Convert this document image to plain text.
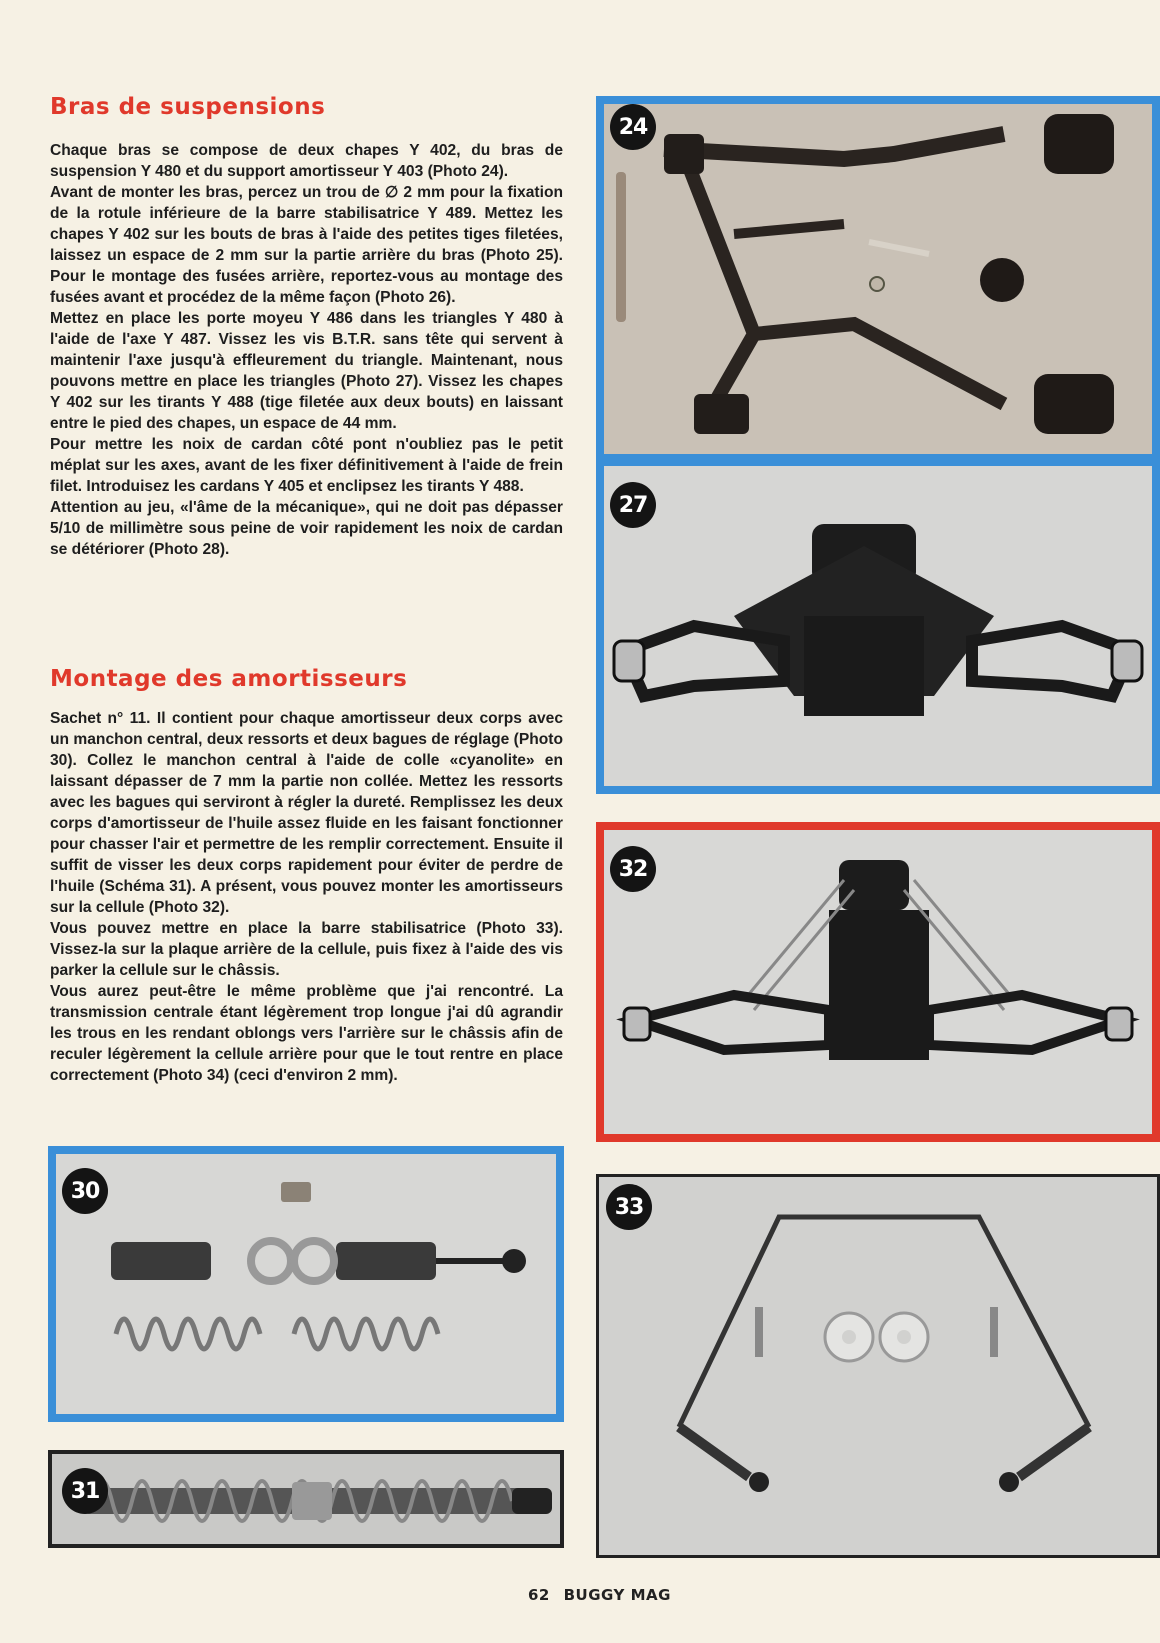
Bras de suspensions

Chaque bras se compose de deux chapes Y 402, du bras de suspension Y 480 et du support amortisseur Y 403 (Photo 24).

Avant de monter les bras, percez un trou de ∅ 2 mm pour la fixation de la rotule inférieure de la barre stabilisatrice Y 489. Mettez les chapes Y 402 sur les bouts de bras à l'aide des petites tiges filetées, laissez un espace de 2 mm sur la partie arrière du bras (Photo 25). Pour le montage des fusées arrière, reportez-vous au montage des fusées avant et procédez de la même façon (Photo 26).

Mettez en place les porte moyeu Y 486 dans les triangles Y 480 à l'aide de l'axe Y 487. Vissez les vis B.T.R. sans tête qui servent à maintenir l'axe jusqu'à effleurement du triangle. Maintenant, nous pouvons mettre en place les triangles (Photo 27). Vissez les chapes Y 402 sur les tirants Y 488 (tige filetée aux deux bouts) en laissant entre le pied des chapes, un espace de 44 mm.

Pour mettre les noix de cardan côté pont n'oubliez pas le petit méplat sur les axes, avant de les fixer définitivement à l'aide de frein filet. Introduisez les cardans Y 405 et enclipsez les tirants Y 488.

Attention au jeu, «l'âme de la mécanique», qui ne doit pas dépasser 5/10 de millimètre sous peine de voir rapidement les noix de cardan se détériorer (Photo 28).

Montage des amortisseurs

Sachet n° 11. Il contient pour chaque amortisseur deux corps avec un manchon central, deux ressorts et deux bagues de réglage (Photo 30). Collez le manchon central à l'aide de colle «cyanolite» en laissant dépasser de 7 mm la partie non collée. Mettez les ressorts avec les bagues qui serviront à régler la dureté. Remplissez les deux corps d'amortisseur de l'huile assez fluide en les faisant fonctionner pour chasser l'air et permettre de les remplir correctement. Ensuite il suffit de visser les deux corps rapidement pour éviter de perdre de l'huile (Schéma 31). A présent, vous pouvez monter les amortisseurs sur la cellule (Photo 32).

Vous pouvez mettre en place la barre stabilisatrice (Photo 33). Vissez-la sur la plaque arrière de la cellule, puis fixez à l'aide des vis parker la cellule sur le châssis.

Vous aurez peut-être le même problème que j'ai rencontré. La transmission centrale étant légèrement trop longue j'ai dû agrandir les trous en les rendant oblongs vers l'arrière sur le châssis afin de reculer légèrement la cellule arrière pour que le tout rentre en place correctement (Photo 34) (ceci d'environ 2 mm).

24
27
32
30
31
33
62 BUGGY MAG
